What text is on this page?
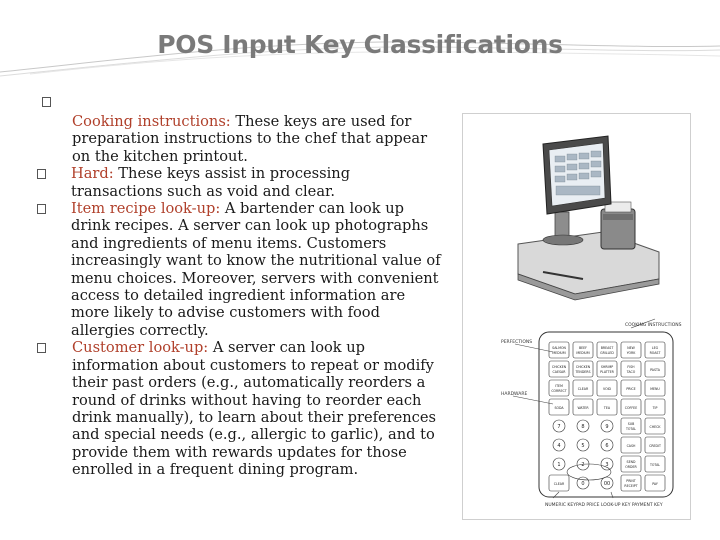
POS Input Key Classifications
Cooking instructions: These keys are used for preparation instructions to the chef that appear on the kitchen printout.
Hard: These keys assist in processing transactions such as void and clear.
Item recipe look-up: A bartender can look up drink recipes. A server can look up photographs and ingredients of menu items. Customers increasingly want to know the nutritional value of menu choices. Moreover, servers with convenient access to detailed ingredient information are more likely to advise customers with food allergies correctly.
Customer look-up: A server can look up information about customers to repeat or modify their past orders (e.g., automatically reorders a round of drinks without having to reorder each drink manually), to learn about their preferences and special needs (e.g., allergic to garlic), and to provide them with rewards updates for those enrolled in a frequent dining program.
SALMON
MEDIUM
BEEF
MEDIUM
BREAST
GRILLED
NEW
YORK
LEG
ROAST
CHICKEN
CAESAR
CHICKEN
TENDERS
SHRIMP
PLATTER
FISH
TACO	PASTA
ITEM
CORRECT	CLEAR	VOID	PRICE	MENU
SODA	WATER	TEA	COFFEE	TIP
7	8	9	SUB
TOTAL	CHECK
4	5	6	CASH	CREDIT
1	2	3	SEND
ORDER	TOTAL
CLEAR	0	00	PRINT
RECEIPT	PAY
COOKING INSTRUCTIONS
PERFECTIONS
HARDWARE
NUMERIC KEYPAD PRICE LOOK-UP KEY PAYMENT KEY
